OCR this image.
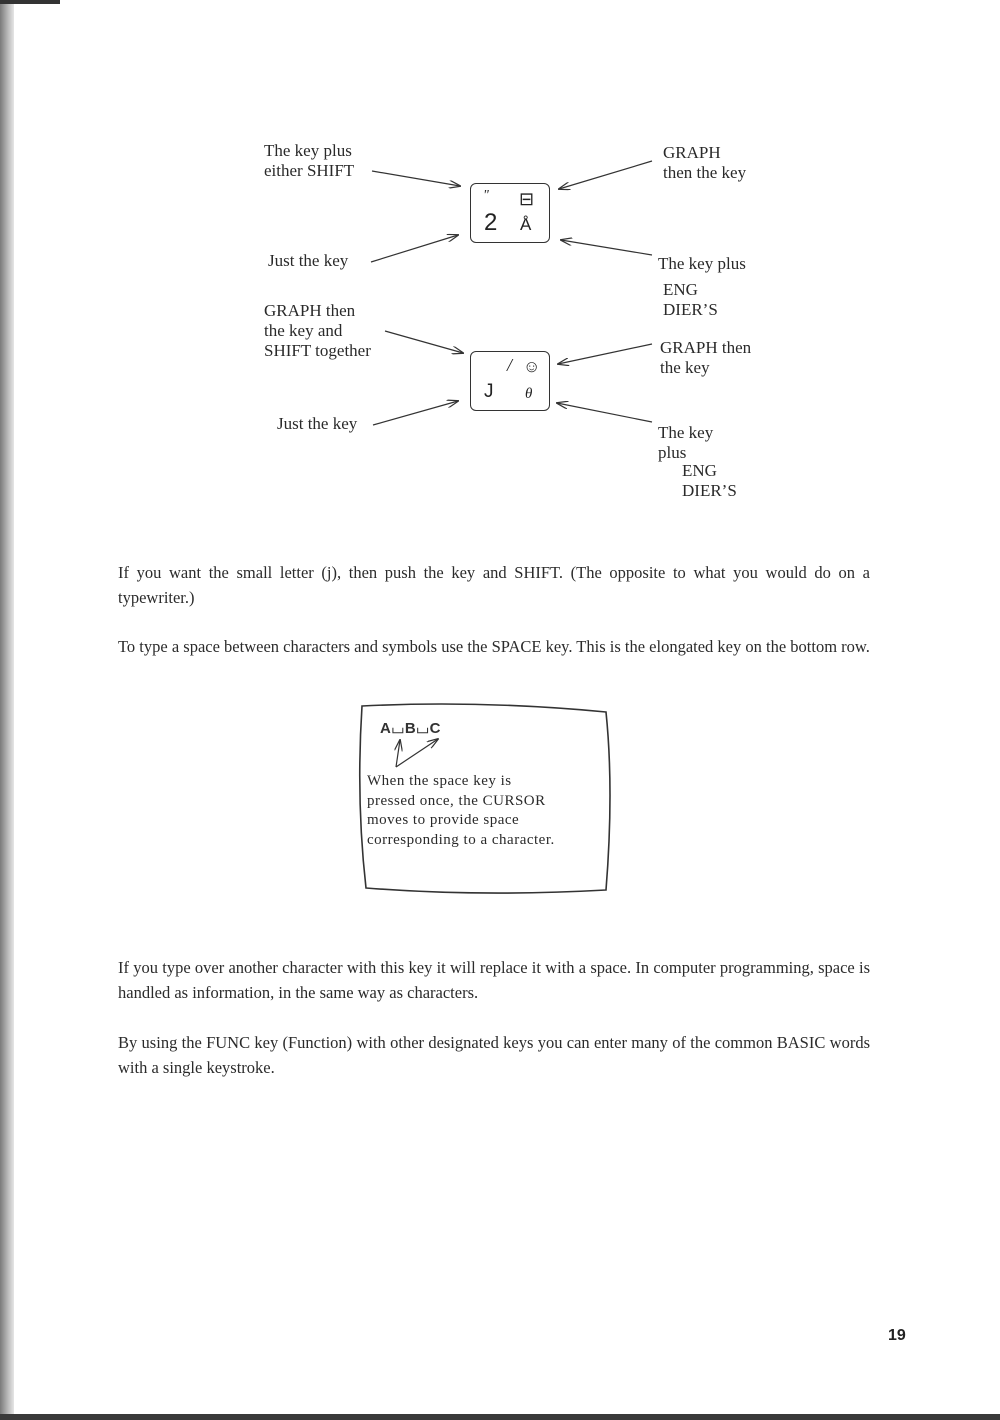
The key plus
either SHIFT
GRAPH
then the key
Just the key	The key plus
ENG
DIER’S
" ⊟
2 Å
GRAPH then
the key and
SHIFT together	GRAPH then
the key
Just the key	The key
plus
ENG
DIER’S
/ ☺
J θ

If you want the small letter (j), then push the key and SHIFT. (The opposite to what you would do on a typewriter.)

To type a space between characters and symbols use the SPACE key. This is the elongated key on the bottom row.

A⌴B⌴C
When the space key is
pressed once, the CURSOR
moves to provide space
corresponding to a character.

If you type over another character with this key it will replace it with a space. In computer programming, space is handled as information, in the same way as characters.

By using the FUNC key (Function) with other designated keys you can enter many of the common BASIC words with a single keystroke.

19
